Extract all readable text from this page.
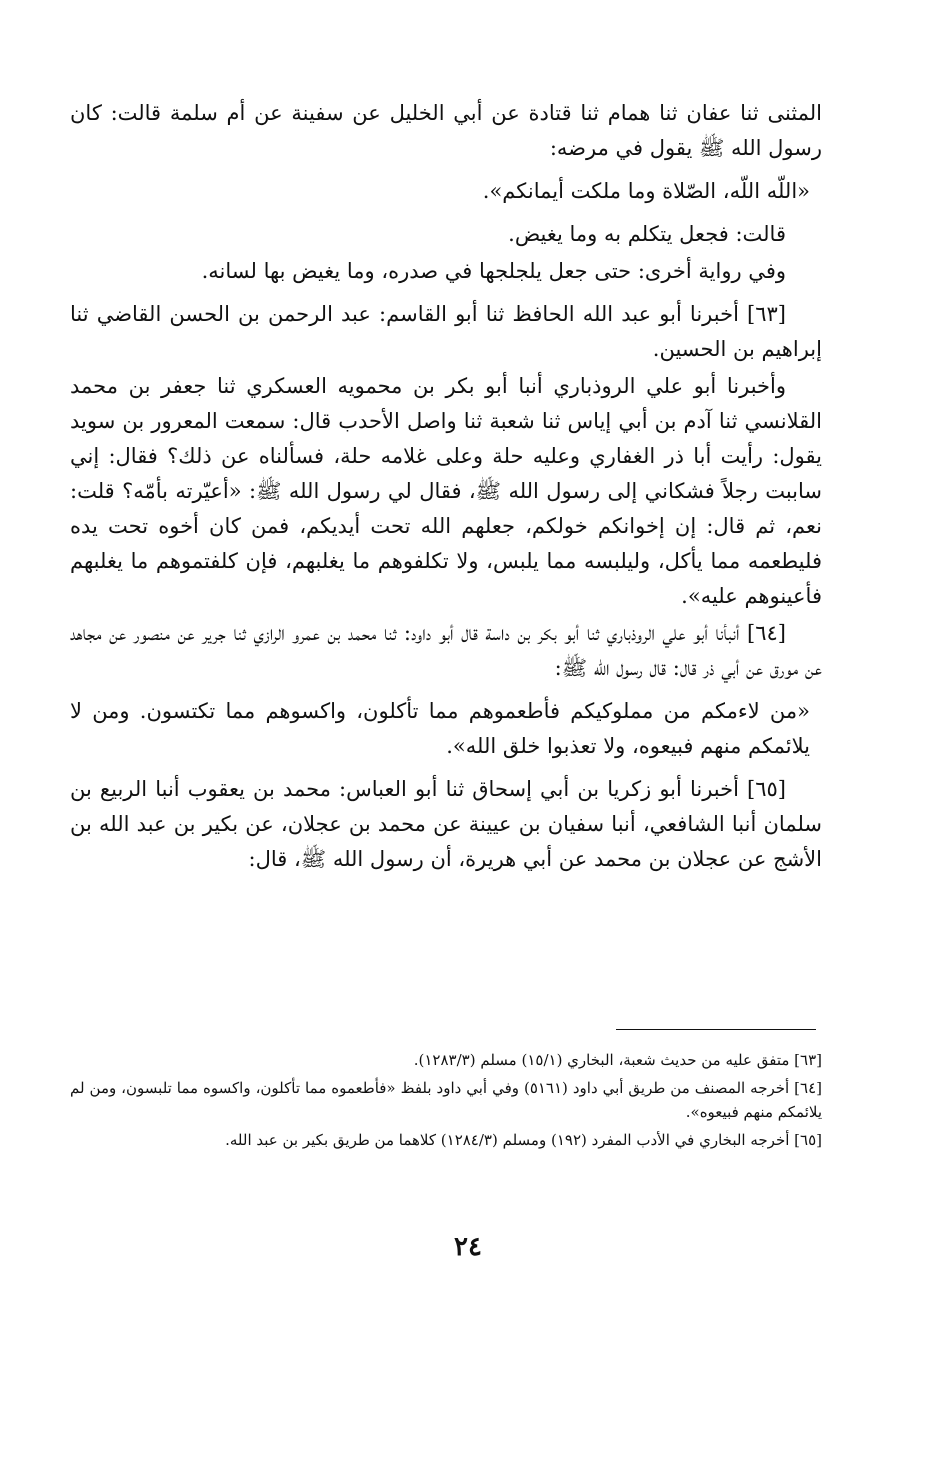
المثنى ثنا عفان ثنا همام ثنا قتادة عن أبي الخليل عن سفينة عن أم سلمة قالت: كان رسول الله ﷺ يقول في مرضه:

«اللّه اللّه، الصّلاة وما ملكت أيمانكم».

قالت: فجعل يتكلم به وما يغيض.

وفي رواية أخرى: حتى جعل يلجلجها في صدره، وما يغيض بها لسانه.

[٦٣] أخبرنا أبو عبد الله الحافظ ثنا أبو القاسم: عبد الرحمن بن الحسن القاضي ثنا إبراهيم بن الحسين.

وأخبرنا أبو علي الروذباري أنبا أبو بكر بن محمويه العسكري ثنا جعفر بن محمد القلانسي ثنا آدم بن أبي إياس ثنا شعبة ثنا واصل الأحدب قال: سمعت المعرور بن سويد يقول: رأيت أبا ذر الغفاري وعليه حلة وعلى غلامه حلة، فسألناه عن ذلك؟ فقال: إني ساببت رجلاً فشكاني إلى رسول الله ﷺ، فقال لي رسول الله ﷺ: «أعيّرته بأمّه؟ قلت: نعم، ثم قال: إن إخوانكم خولكم، جعلهم الله تحت أيديكم، فمن كان أخوه تحت يده فليطعمه مما يأكل، وليلبسه مما يلبس، ولا تكلفوهم ما يغلبهم، فإن كلفتموهم ما يغلبهم فأعينوهم عليه».

[٦٤] أنبأنا أبو علي الروذباري ثنا أبو بكر بن داسة قال أبو داود: ثنا محمد بن عمرو الرازي ثنا جرير عن منصور عن مجاهد عن مورق عن أبي ذر قال: قال رسول الله ﷺ:

«من لاءمكم من مملوكيكم فأطعموهم مما تأكلون، واكسوهم مما تكتسون. ومن لا يلائمكم منهم فبيعوه، ولا تعذبوا خلق الله».

[٦٥] أخبرنا أبو زكريا بن أبي إسحاق ثنا أبو العباس: محمد بن يعقوب أنبا الربيع بن سلمان أنبا الشافعي، أنبا سفيان بن عيينة عن محمد بن عجلان، عن بكير بن عبد الله بن الأشج عن عجلان بن محمد عن أبي هريرة، أن رسول الله ﷺ، قال:

[٦٣] متفق عليه من حديث شعبة، البخاري (١٥/١) مسلم (١٢٨٣/٣).

[٦٤] أخرجه المصنف من طريق أبي داود (٥١٦١) وفي أبي داود بلفظ «فأطعموه مما تأكلون، واكسوه مما تلبسون، ومن لم يلائمكم منهم فبيعوه».

[٦٥] أخرجه البخاري في الأدب المفرد (١٩٢) ومسلم (١٢٨٤/٣) كلاهما من طريق بكير بن عبد الله.

٢٤
